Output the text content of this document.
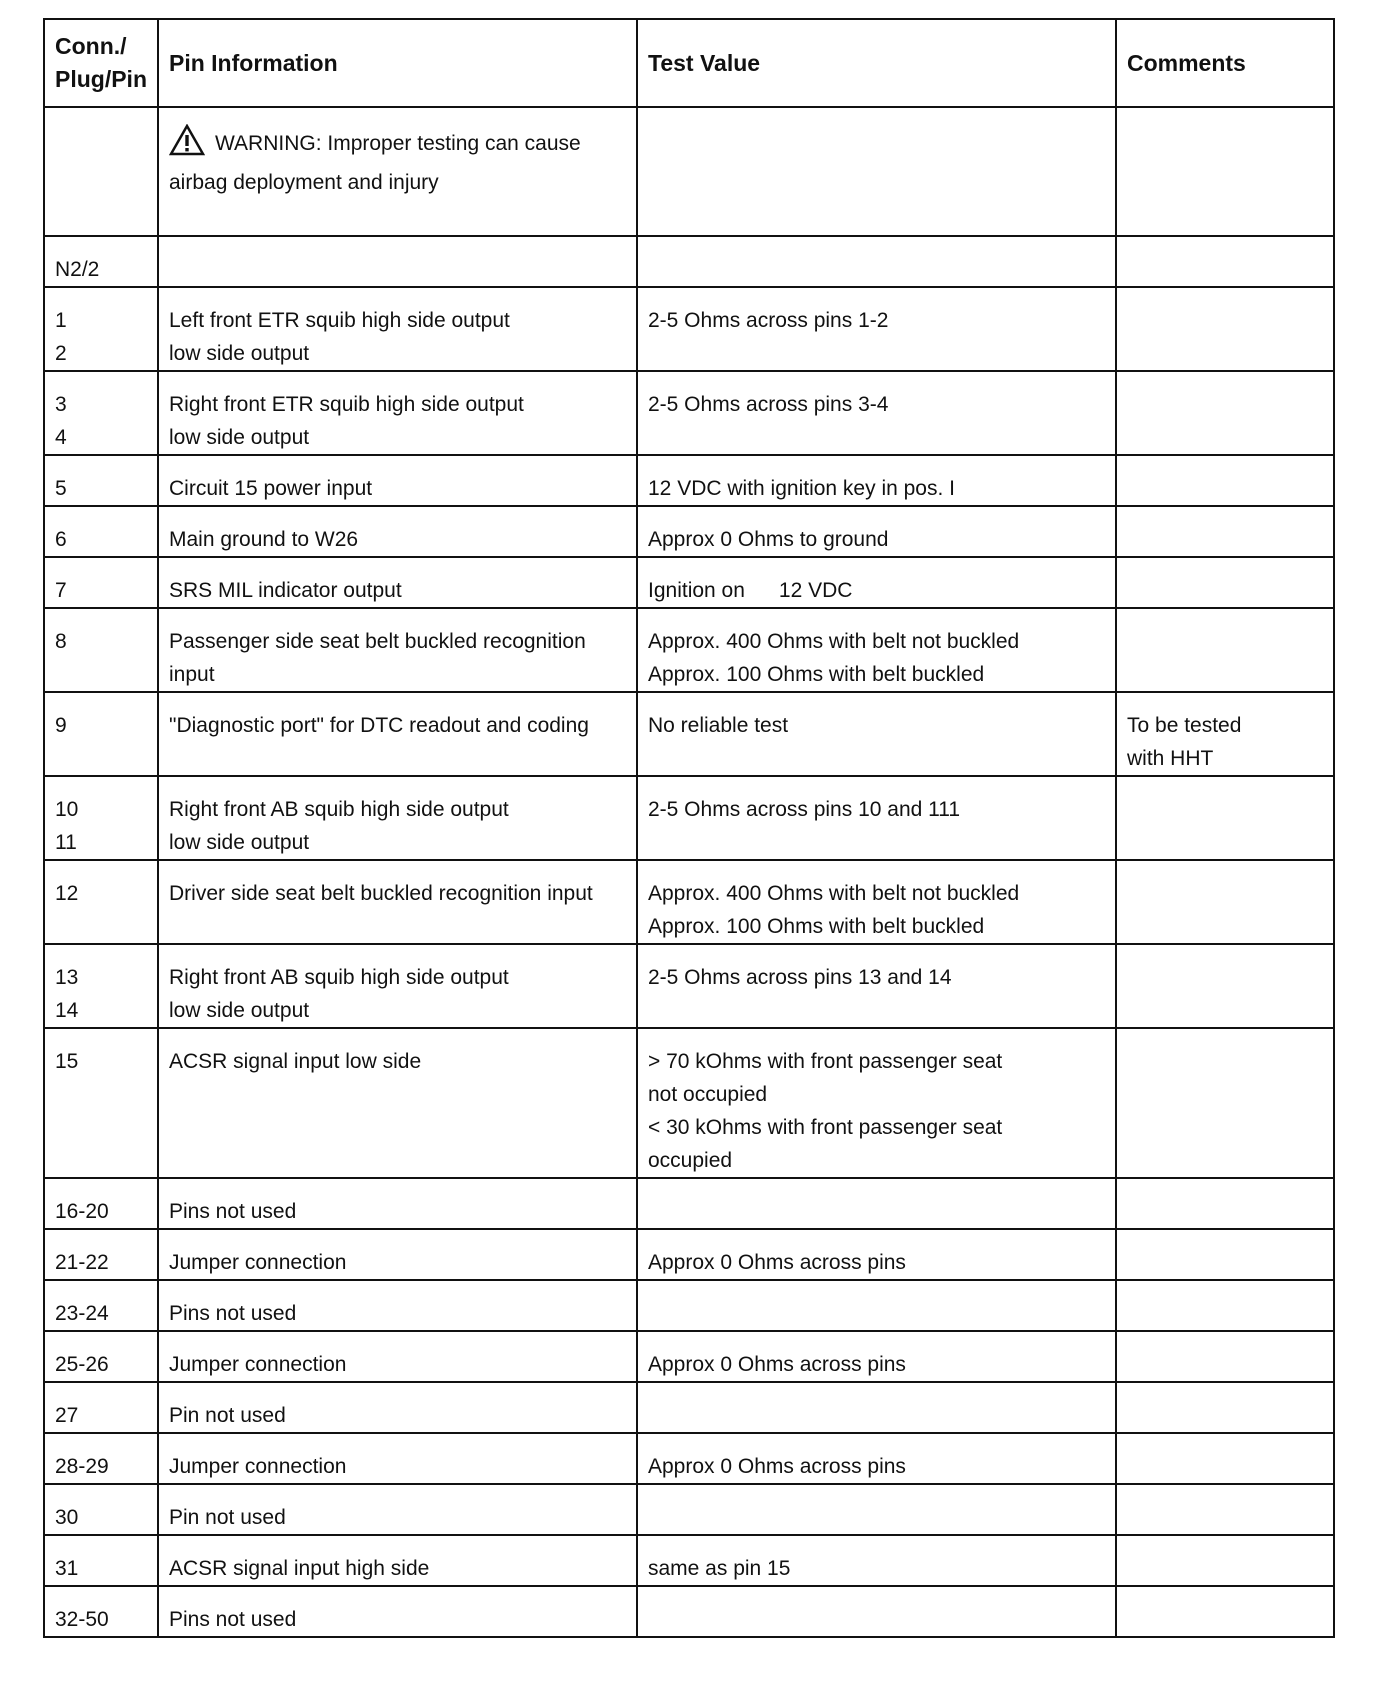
Conn./
Plug/Pin	Pin Information	Test Value	Comments

	WARNING: Improper testing can cause
airbag deployment and injury		

N2/2			

1
2	Left front ETR squib high side output
low side output	2-5 Ohms across pins 1-2	

3
4	Right front ETR squib high side output
low side output	2-5 Ohms across pins 3-4	

5	Circuit 15 power input	12 VDC with ignition key in pos. I	

6	Main ground to W26	Approx 0 Ohms to ground	

7	SRS MIL indicator output	Ignition on 12 VDC	

8	Passenger side seat belt buckled recognition
input	Approx. 400 Ohms with belt not buckled
Approx. 100 Ohms with belt buckled	

9	"Diagnostic port" for DTC readout and coding	No reliable test	To be tested
with HHT

10
11	Right front AB squib high side output
low side output	2-5 Ohms across pins 10 and 111	

12	Driver side seat belt buckled recognition input	Approx. 400 Ohms with belt not buckled
Approx. 100 Ohms with belt buckled	

13
14	Right front AB squib high side output
low side output	2-5 Ohms across pins 13 and 14	

15	ACSR signal input low side	> 70 kOhms with front passenger seat
not occupied
< 30 kOhms with front passenger seat
occupied	

16-20	Pins not used		

21-22	Jumper connection	Approx 0 Ohms across pins	

23-24	Pins not used		

25-26	Jumper connection	Approx 0 Ohms across pins	

27	Pin not used		

28-29	Jumper connection	Approx 0 Ohms across pins	

30	Pin not used		

31	ACSR signal input high side	same as pin 15	

32-50	Pins not used		
